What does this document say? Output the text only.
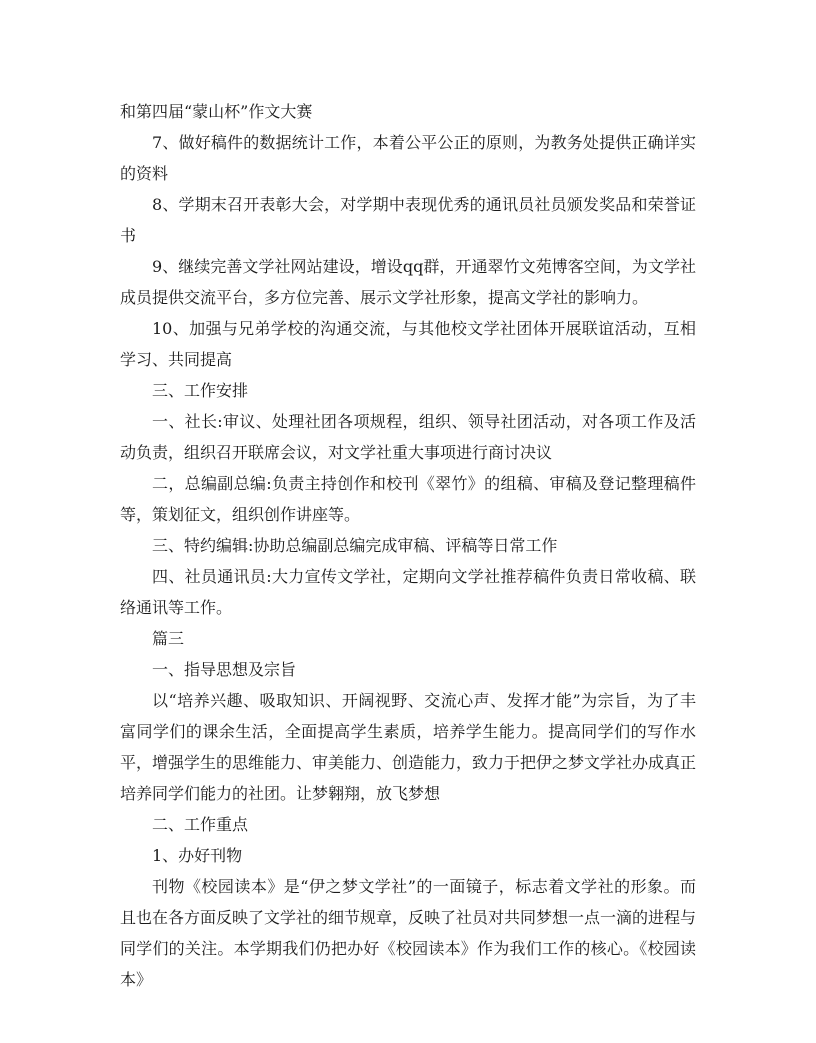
和第四届“蒙山杯”作文大赛

7、做好稿件的数据统计工作，本着公平公正的原则，为教务处提供正确详实的资料

8、学期末召开表彰大会，对学期中表现优秀的通讯员社员颁发奖品和荣誉证书

9、继续完善文学社网站建设，增设qq群，开通翠竹文苑博客空间，为文学社成员提供交流平台，多方位完善、展示文学社形象，提高文学社的影响力。

10、加强与兄弟学校的沟通交流，与其他校文学社团体开展联谊活动，互相学习、共同提高

三、工作安排

一、社长:审议、处理社团各项规程，组织、领导社团活动，对各项工作及活动负责，组织召开联席会议，对文学社重大事项进行商讨决议

二，总编副总编:负责主持创作和校刊《翠竹》的组稿、审稿及登记整理稿件等，策划征文，组织创作讲座等。

三、特约编辑:协助总编副总编完成审稿、评稿等日常工作

四、社员通讯员:大力宣传文学社，定期向文学社推荐稿件负责日常收稿、联络通讯等工作。

篇三

一、指导思想及宗旨

以“培养兴趣、吸取知识、开阔视野、交流心声、发挥才能”为宗旨，为了丰富同学们的课余生活，全面提高学生素质，培养学生能力。提高同学们的写作水平，增强学生的思维能力、审美能力、创造能力，致力于把伊之梦文学社办成真正培养同学们能力的社团。让梦翱翔，放飞梦想

二、工作重点

1、办好刊物

刊物《校园读本》是“伊之梦文学社”的一面镜子，标志着文学社的形象。而且也在各方面反映了文学社的细节规章，反映了社员对共同梦想一点一滴的进程与同学们的关注。本学期我们仍把办好《校园读本》作为我们工作的核心。《校园读本》
